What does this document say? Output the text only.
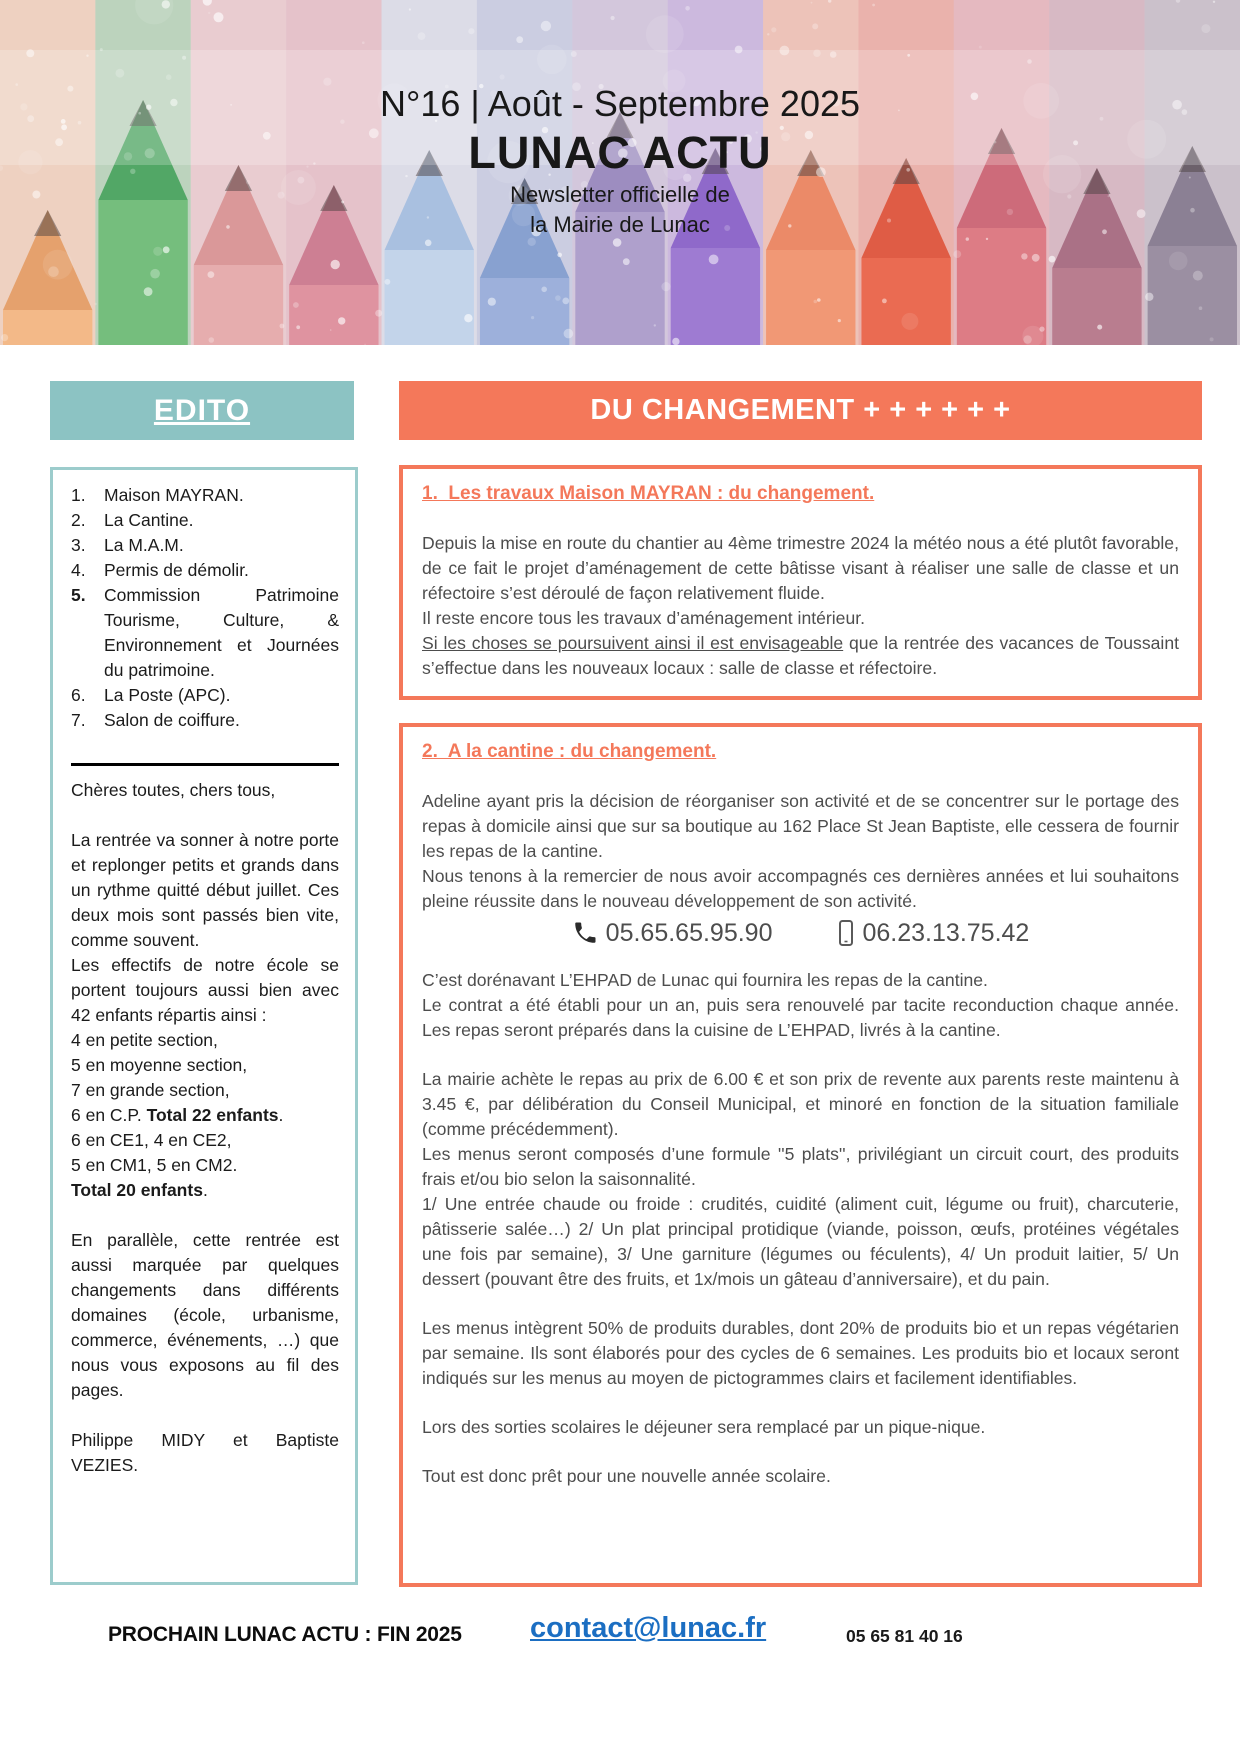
N°16 | Août - Septembre 2025
LUNAC ACTU
Newsletter officielle de
la Mairie de Lunac
EDITO	DU CHANGEMENT + + + + + +
1.	Maison MAYRAN.
2.	La Cantine.
3.	La M.A.M.
4.	Permis de démolir.
5.	Commission Patrimoine Tourisme, Culture, & Environnement et Journées du patrimoine.
6.	La Poste (APC).
7.	Salon de coiffure.

Chères toutes, chers tous,

La rentrée va sonner à notre porte et replonger petits et grands dans un rythme quitté début juillet. Ces deux mois sont passés bien vite, comme souvent.

Les effectifs de notre école se portent toujours aussi bien avec 42 enfants répartis ainsi :

4 en petite section,

5 en moyenne section,

7 en grande section,

6 en C.P. Total 22 enfants.

6 en CE1, 4 en CE2,

5 en CM1, 5 en CM2.

Total 20 enfants.

En parallèle, cette rentrée est aussi marquée par quelques changements dans différents domaines (école, urbanisme, commerce, événements, …) que nous vous exposons au fil des pages.

Philippe MIDY et Baptiste VEZIES.

1.  Les travaux Maison MAYRAN : du changement.

Depuis la mise en route du chantier au 4ème trimestre 2024 la météo nous a été plutôt favorable, de ce fait le projet d’aménagement de cette bâtisse visant à réaliser une salle de classe et un réfectoire s’est déroulé de façon relativement fluide.

Il reste encore tous les travaux d’aménagement intérieur.

Si les choses se poursuivent ainsi il est envisageable que la rentrée des vacances de Toussaint s’effectue dans les nouveaux locaux : salle de classe et réfectoire.

2.  A la cantine : du changement.

Adeline ayant pris la décision de réorganiser son activité et de se concentrer sur le portage des repas à domicile ainsi que sur sa boutique au 162 Place St Jean Baptiste, elle cessera de fournir les repas de la cantine.

Nous tenons à la remercier de nous avoir accompagnés ces dernières années et lui souhaitons pleine réussite dans le nouveau développement de son activité.

05.65.65.95.90	06.23.13.75.42

C’est dorénavant L’EHPAD de Lunac qui fournira les repas de la cantine.

Le contrat a été établi pour un an, puis sera renouvelé par tacite reconduction chaque année. Les repas seront préparés dans la cuisine de L’EHPAD, livrés à la cantine.

La mairie achète le repas au prix de 6.00 € et son prix de revente aux parents reste maintenu à 3.45 €, par délibération du Conseil Municipal, et minoré en fonction de la situation familiale (comme précédemment).

Les menus seront composés d’une formule ''5 plats'', privilégiant un circuit court, des produits frais et/ou bio selon la saisonnalité.

1/ Une entrée chaude ou froide : crudités, cuidité (aliment cuit, légume ou fruit), charcuterie, pâtisserie salée…) 2/ Un plat principal protidique (viande, poisson, œufs, protéines végétales une fois par semaine), 3/ Une garniture (légumes ou féculents), 4/ Un produit laitier, 5/ Un dessert (pouvant être des fruits, et 1x/mois un gâteau d’anniversaire), et du pain.

Les menus intègrent 50% de produits durables, dont 20% de produits bio et un repas végétarien par semaine. Ils sont élaborés pour des cycles de 6 semaines. Les produits bio et locaux seront indiqués sur les menus au moyen de pictogrammes clairs et facilement identifiables.

Lors des sorties scolaires le déjeuner sera remplacé par un pique-nique.

Tout est donc prêt pour une nouvelle année scolaire.

PROCHAIN LUNAC ACTU : FIN 2025 contact@lunac.fr	05 65 81 40 16
